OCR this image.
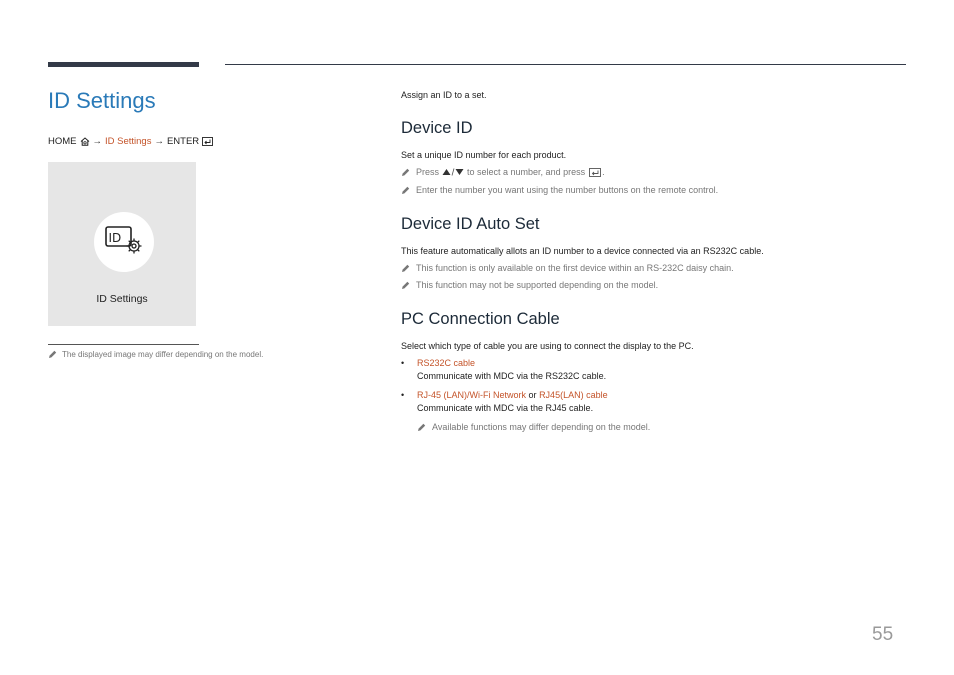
ID Settings
HOME → ID Settings → ENTER
ID
ID Settings
The displayed image may differ depending on the model.
Assign an ID to a set.
Device ID
Set a unique ID number for each product.
Press	to select a number, and press .
Enter the number you want using the number buttons on the remote control.
Device ID Auto Set
This feature automatically allots an ID number to a device connected via an RS232C cable.
This function is only available on the first device within an RS-232C daisy chain.
This function may not be supported depending on the model.
PC Connection Cable
Select which type of cable you are using to connect the display to the PC.
• RS232C cable
Communicate with MDC via the RS232C cable.
• RJ-45 (LAN)/Wi-Fi Network or RJ45(LAN) cable
Communicate with MDC via the RJ45 cable.
Available functions may differ depending on the model.
55
